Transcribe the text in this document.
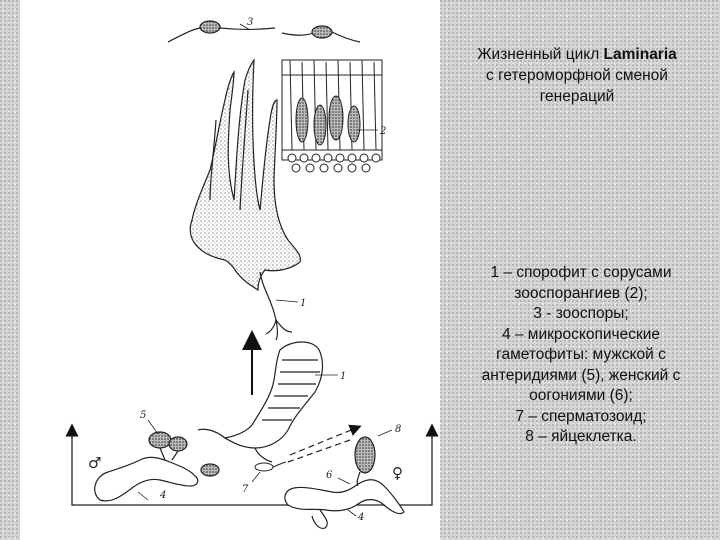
3
2
1
1
7
5
4
♂
8
6
4
♀
Жизненный цикл Laminaria
с гетероморфной сменой
генераций
1 – спорофит с сорусами
зооспорангиев (2);
3 - зооспоры;
4 – микроскопические
гаметофиты: мужской с
антеридиями (5), женский с
оогониями (6);
7 – сперматозоид;
8 – яйцеклетка.
